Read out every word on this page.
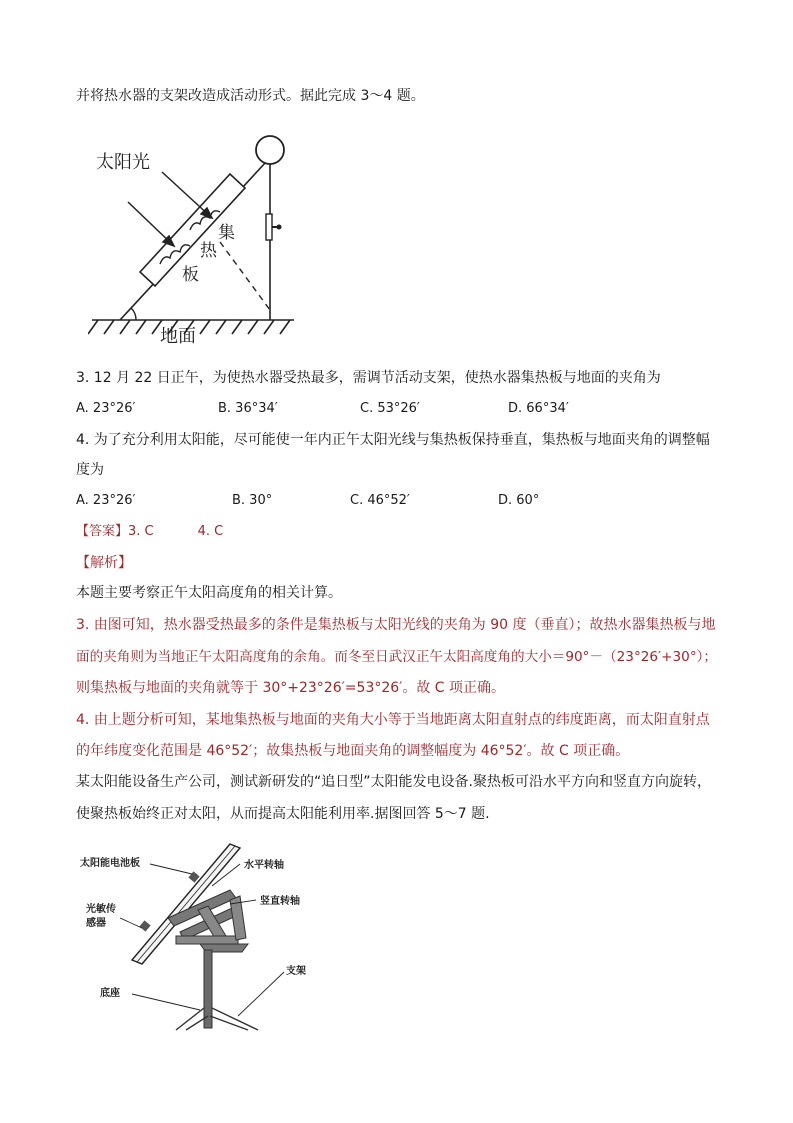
并将热水器的支架改造成活动形式。据此完成 3～4 题。
太阳光
集
热
板
地面
3. 12 月 22 日正午，为使热水器受热最多，需调节活动支架，使热水器集热板与地面的夹角为
A. 23°26′	B. 36°34′	C. 53°26′	D. 66°34′
4. 为了充分利用太阳能，尽可能使一年内正午太阳光线与集热板保持垂直，集热板与地面夹角的调整幅
度为
A. 23°26′	B. 30°	C. 46°52′	D. 60°
【答案】3. C	4. C
【解析】
本题主要考察正午太阳高度角的相关计算。
3. 由图可知，热水器受热最多的条件是集热板与太阳光线的夹角为 90 度（垂直）；故热水器集热板与地
面的夹角则为当地正午太阳高度角的余角。而冬至日武汉正午太阳高度角的大小＝90°－（23°26′+30°）；
则集热板与地面的夹角就等于 30°+23°26′=53°26′。故 C 项正确。
4. 由上题分析可知，某地集热板与地面的夹角大小等于当地距离太阳直射点的纬度距离，而太阳直射点
的年纬度变化范围是 46°52′；故集热板与地面夹角的调整幅度为 46°52′。故 C 项正确。
某太阳能设备生产公司，测试新研发的“追日型”太阳能发电设备.聚热板可沿水平方向和竖直方向旋转，
使聚热板始终正对太阳，从而提高太阳能利用率.据图回答 5～7 题.
太阳能电池板	水平转轴
竖直转轴
光敏传
感器
底座
支架
